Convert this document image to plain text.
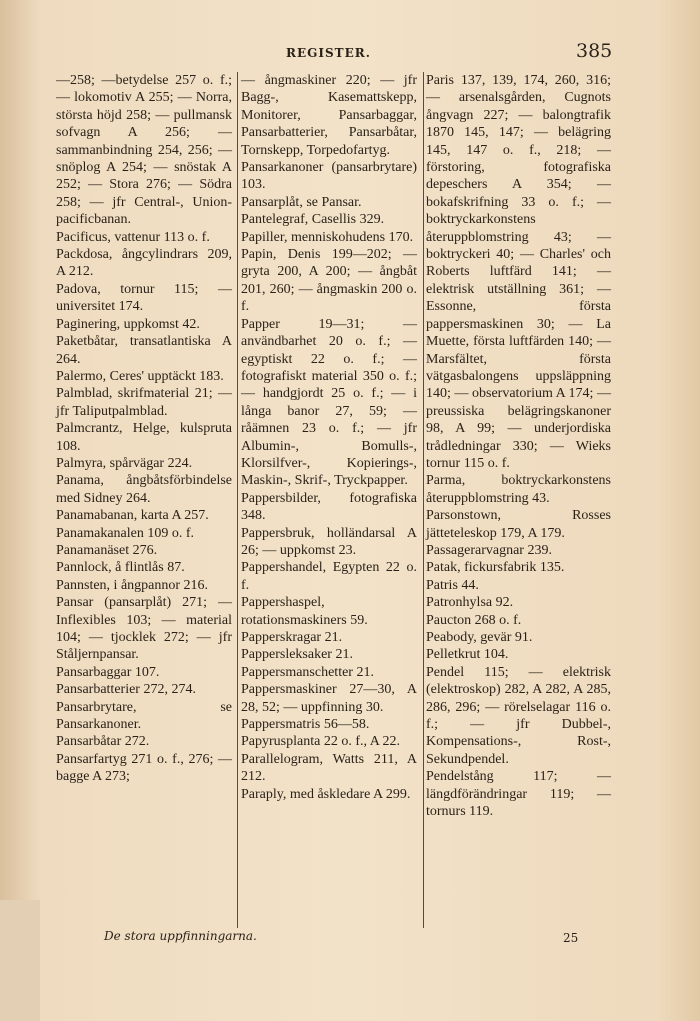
REGISTER.	385

—258; —betydelse 257 o. f.; — lokomotiv A 255; — Norra, största höjd 258; — pullmansk sofvagn A 256; — sammanbindning 254, 256; — snöplog A 254; — snöstak A 252; — Stora 276; — Södra 258; — jfr Central-, Union-pacificbanan.

Pacificus, vattenur 113 o. f.

Packdosa, ångcylindrars 209, A 212.

Padova, tornur 115; — universitet 174.

Paginering, uppkomst 42.

Paketbåtar, transatlantiska A 264.

Palermo, Ceres' upptäckt 183.

Palmblad, skrifmaterial 21; — jfr Taliputpalmblad.

Palmcrantz, Helge, kulspruta 108.

Palmyra, spårvägar 224.

Panama, ångbåtsförbindelse med Sidney 264.

Panamabanan, karta A 257.

Panamakanalen 109 o. f.

Panamanäset 276.

Pannlock, å flintlås 87.

Pannsten, i ångpannor 216.

Pansar (pansarplåt) 271; — Inflexibles 103; — material 104; — tjocklek 272; — jfr Stålјernpansar.

Pansarbaggar 107.

Pansarbatterier 272, 274.

Pansarbrytare, se Pansarkanoner.

Pansarbåtar 272.

Pansarfartyg 271 o. f., 276; — bagge A 273;

— ångmaskiner 220; — jfr Bagg-, Kasemattskepp, Monitorer, Pansarbaggar, Pansarbatterier, Pansarbåtar, Tornskepp, Torpedofartyg.

Pansarkanoner (pansarbrytare) 103.

Pansarplåt, se Pansar.

Pantelegraf, Casellis 329.

Papiller, menniskohudens 170.

Papin, Denis 199—202; — gryta 200, A 200; — ångbåt 201, 260; — ångmaskin 200 o. f.

Papper 19—31; — användbarhet 20 o. f.; — egyptiskt 22 o. f.; — fotografiskt material 350 o. f.; — handgjordt 25 o. f.; — i långa banor 27, 59; — råämnen 23 o. f.; — jfr Albumin-, Bomulls-, Klorsilfver-, Kopierings-, Maskin-, Skrif-, Tryckpapper.

Pappersbilder, fotografiska 348.

Pappersbruk, holländarsal A 26; — uppkomst 23.

Pappershandel, Egypten 22 o. f.

Pappershaspel, rotationsmaskiners 59.

Papperskragar 21.

Pappersleksaker 21.

Pappersmanschetter 21.

Pappersmaskiner 27—30, A 28, 52; — uppfinning 30.

Pappersmatris 56—58.

Papyrusplanta 22 o. f., A 22.

Parallelogram, Watts 211, A 212.

Paraply, med åskledare A 299.

Paris 137, 139, 174, 260, 316; — arsenalsgården, Cugnots ångvagn 227; — balongtrafik 1870 145, 147; — belägring 145, 147 o. f., 218; — förstoring, fotografiska depeschers A 354; — bokafskrifning 33 o. f.; — boktryckarkonstens återuppblomstring 43; — boktryckeri 40; — Charles' och Roberts luftfärd 141; — elektrisk utställning 361; — Essonne, första pappersmaskinen 30; — La Muette, första luftfärden 140; — Marsfältet, första vätgasbalongens uppsläppning 140; — observatorium A 174; — preussiska belägringskanoner 98, A 99; — underjordiska trådledningar 330; — Wieks tornur 115 o. f.

Parma, boktryckarkonstens återuppblomstring 43.

Parsonstown, Rosses jätteteleskop 179, A 179.

Passagerarvagnar 239.

Patak, fickursfabrik 135.

Patris 44.

Patronhylsa 92.

Paucton 268 o. f.

Peabody, gevär 91.

Pelletkrut 104.

Pendel 115; — elektrisk (elektroskop) 282, A 282, A 285, 286, 296; — rörelselagar 116 o. f.; — jfr Dubbel-, Kompensations-, Rost-, Sekundpendel.

Pendelstång 117; — längdförändringar 119; — tornurs 119.

De stora uppfinningarna.	25
